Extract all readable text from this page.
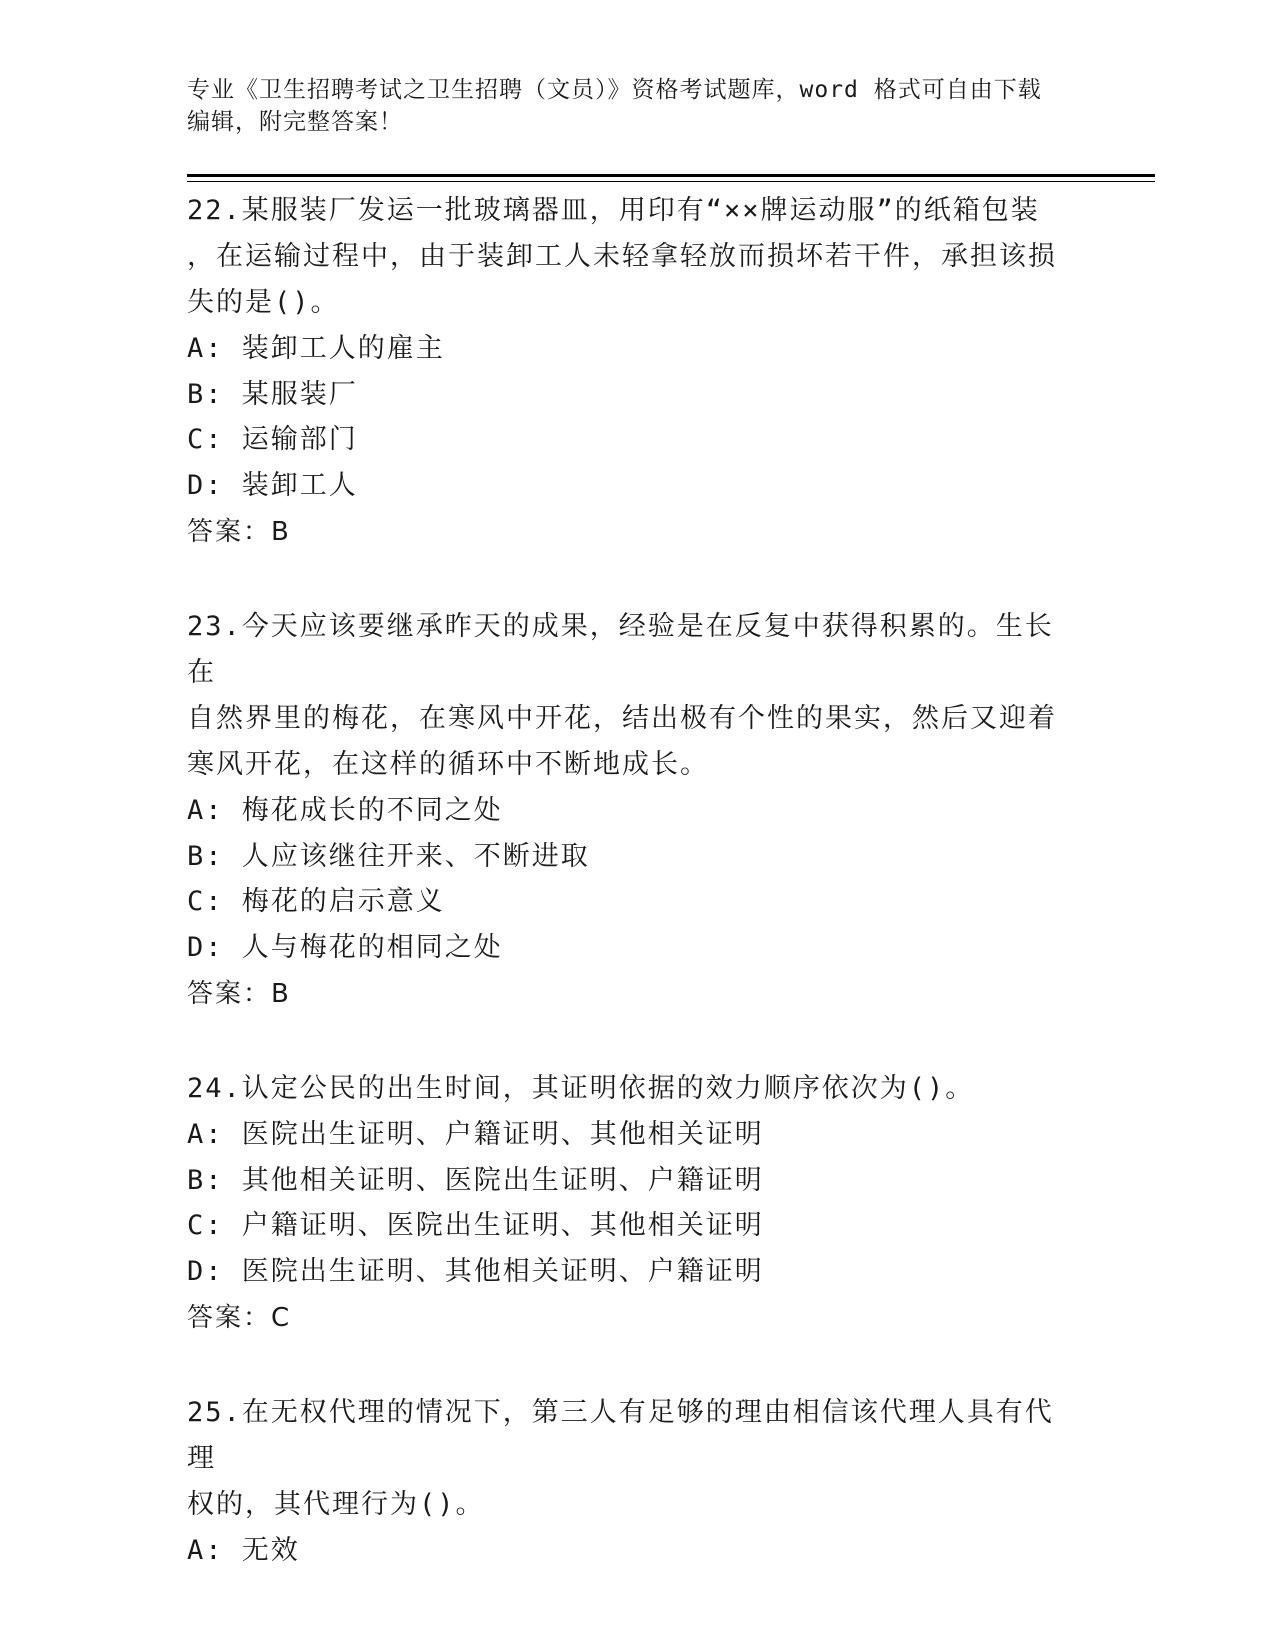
专业《卫生招聘考试之卫生招聘（文员）》资格考试题库，word 格式可自由下载
编辑，附完整答案！

22.某服装厂发运一批玻璃器皿，用印有“××牌运动服”的纸箱包装

，在运输过程中，由于装卸工人未轻拿轻放而损坏若干件，承担该损

失的是()。

A: 装卸工人的雇主

B: 某服装厂

C: 运输部门

D: 装卸工人

答案：B

23.今天应该要继承昨天的成果，经验是在反复中获得积累的。生长在

自然界里的梅花，在寒风中开花，结出极有个性的果实，然后又迎着

寒风开花，在这样的循环中不断地成长。

A: 梅花成长的不同之处

B: 人应该继往开来、不断进取

C: 梅花的启示意义

D: 人与梅花的相同之处

答案：B

24.认定公民的出生时间，其证明依据的效力顺序依次为()。

A: 医院出生证明、户籍证明、其他相关证明

B: 其他相关证明、医院出生证明、户籍证明

C: 户籍证明、医院出生证明、其他相关证明

D: 医院出生证明、其他相关证明、户籍证明

答案：C

25.在无权代理的情况下，第三人有足够的理由相信该代理人具有代理

权的，其代理行为()。

A: 无效
